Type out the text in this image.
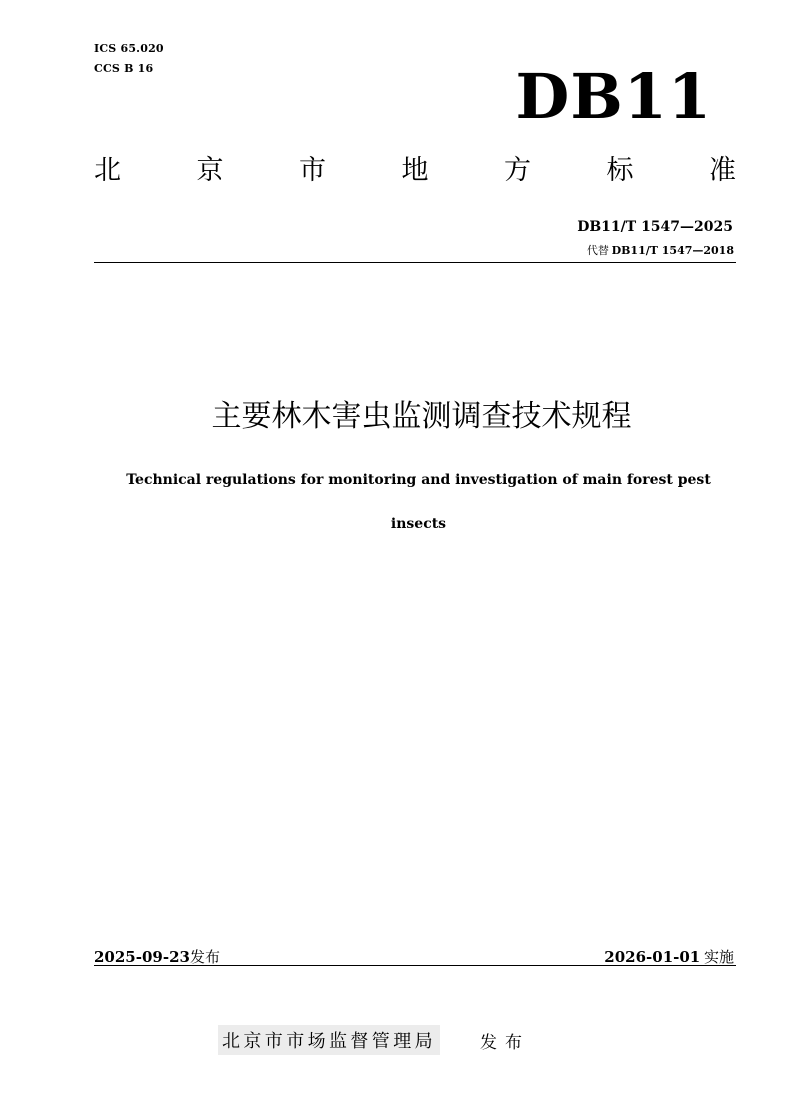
ICS 65.020
CCS B 16	DB11
北	京	市	地	方	标	准
DB11/T 1547—2025
代替 DB11/T 1547—2018
主要林木害虫监测调查技术规程
Technical regulations for monitoring and investigation of main forest pest insects
2025-09-23发布	2026-01-01 实施
北京市市场监督管理局	发布
